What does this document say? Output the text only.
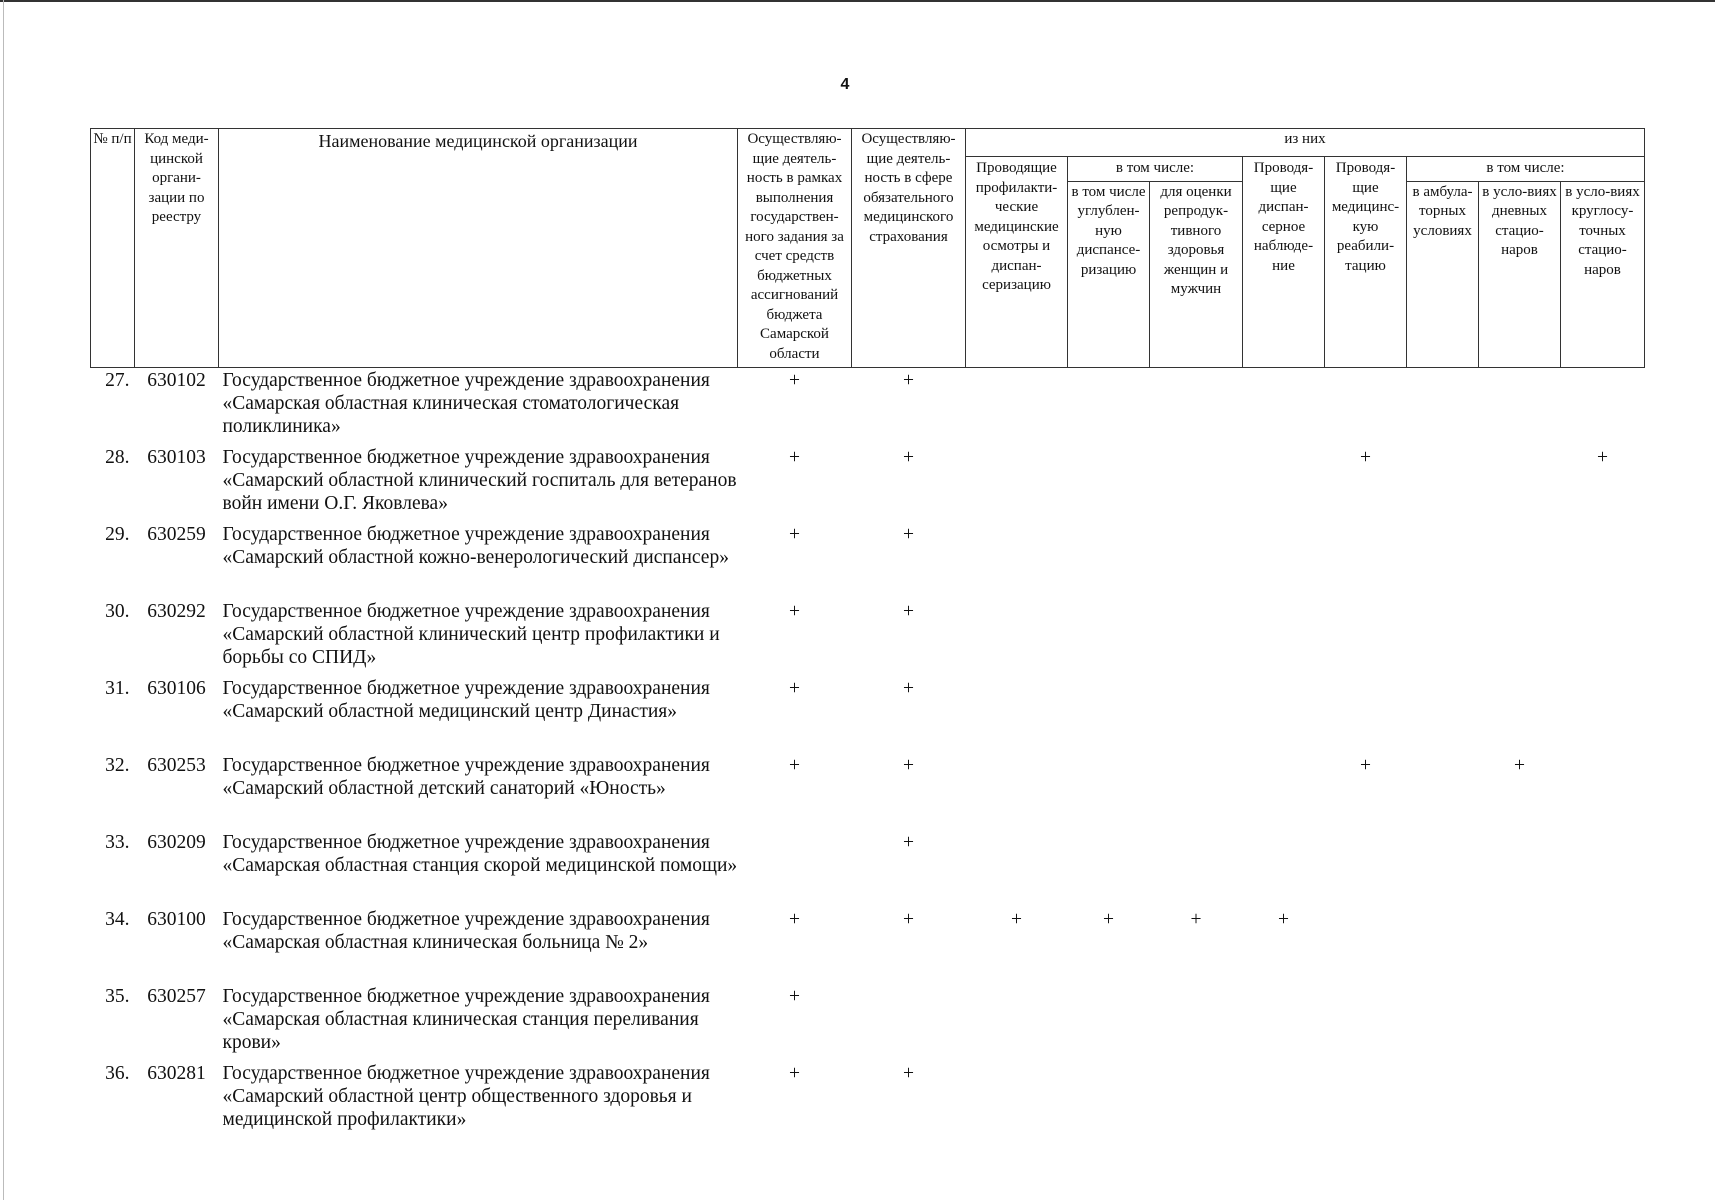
4
№ п/п	Код меди-цинской органи-зации по реестру	Наименование медицинской организации	Осуществляю-щие деятель-ность в рамках выполнения государствен-ного задания за счет средств бюджетных ассигнований бюджета Самарской области	Осуществляю-щие деятель-ность в сфере обязательного медицинского страхования	из них							
					Проводящие профилакти-ческие медицинские осмотры и диспан-серизацию	в том числе:		Проводя-щие диспан-серное наблюде-ние	Проводя-щие медицинс-кую реабили-тацию	в том числе:		
						в том числе углублен-ную диспансе-ризацию	для оценки репродук-тивного здоровья женщин и мужчин			в амбула-торных условиях	в усло-виях дневных стацио-наров	в усло-виях круглосу-точных стацио-наров
27.	630102	Государственное бюджетное учреждение здравоохранения «Самарская областная клиническая стоматологическая поликлиника»	+	+								
28.	630103	Государственное бюджетное учреждение здравоохранения «Самарский областной клинический госпиталь для ветеранов войн имени О.Г. Яковлева»	+	+					+			+
29.	630259	Государственное бюджетное учреждение здравоохранения «Самарский областной кожно-венерологический диспансер»	+	+								
30.	630292	Государственное бюджетное учреждение здравоохранения «Самарский областной клинический центр профилактики и борьбы со СПИД»	+	+								
31.	630106	Государственное бюджетное учреждение здравоохранения «Самарский областной медицинский центр Династия»	+	+								
32.	630253	Государственное бюджетное учреждение здравоохранения «Самарский областной детский санаторий «Юность»	+	+					+		+	
33.	630209	Государственное бюджетное учреждение здравоохранения «Самарская областная станция скорой медицинской помощи»		+								
34.	630100	Государственное бюджетное учреждение здравоохранения «Самарская областная клиническая больница № 2»	+	+	+	+	+	+				
35.	630257	Государственное бюджетное учреждение здравоохранения «Самарская областная клиническая станция переливания крови»	+									
36.	630281	Государственное бюджетное учреждение здравоохранения «Самарский областной центр общественного здоровья и медицинской профилактики»	+	+								
